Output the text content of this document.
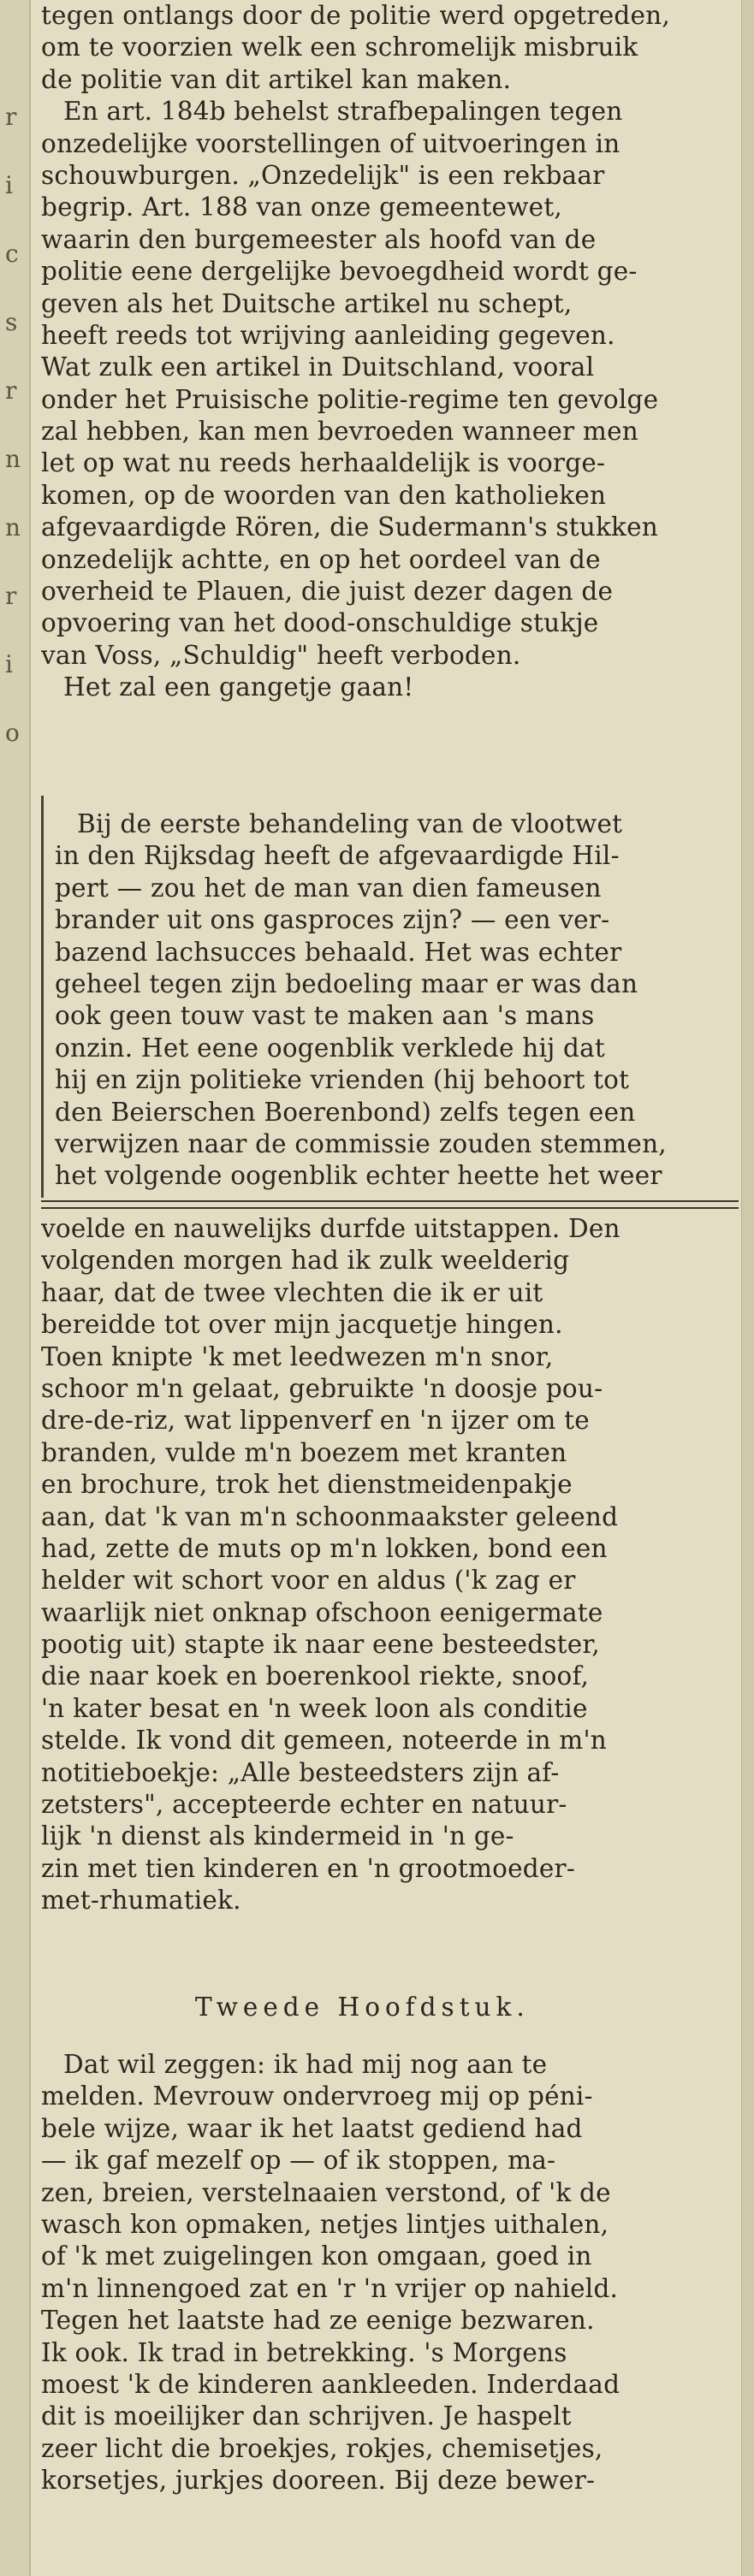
r
i
c
s
r
n
n
r
i
o
tegen ontlangs door de politie werd opgetreden,
om te voorzien welk een schromelijk misbruik
de politie van dit artikel kan maken.
En art. 184b behelst strafbepalingen tegen
onzedelijke voorstellingen of uitvoeringen in
schouwburgen. „Onzedelijk" is een rekbaar
begrip. Art. 188 van onze gemeentewet,
waarin den burgemeester als hoofd van de
politie eene dergelijke bevoegdheid wordt ge-
geven als het Duitsche artikel nu schept,
heeft reeds tot wrijving aanleiding gegeven.
Wat zulk een artikel in Duitschland, vooral
onder het Pruisische politie-regime ten gevolge
zal hebben, kan men bevroeden wanneer men
let op wat nu reeds herhaaldelijk is voorge-
komen, op de woorden van den katholieken
afgevaardigde Rören, die Sudermann's stukken
onzedelijk achtte, en op het oordeel van de
overheid te Plauen, die juist dezer dagen de
opvoering van het dood-onschuldige stukje
van Voss, „Schuldig" heeft verboden.
Het zal een gangetje gaan!
Bij de eerste behandeling van de vlootwet
in den Rijksdag heeft de afgevaardigde Hil-
pert — zou het de man van dien fameusen
brander uit ons gasproces zijn? — een ver-
bazend lachsucces behaald. Het was echter
geheel tegen zijn bedoeling maar er was dan
ook geen touw vast te maken aan 's mans
onzin. Het eene oogenblik verklede hij dat
hij en zijn politieke vrienden (hij behoort tot
den Beierschen Boerenbond) zelfs tegen een
verwijzen naar de commissie zouden stemmen,
het volgende oogenblik echter heette het weer
voelde en nauwelijks durfde uitstappen. Den
volgenden morgen had ik zulk weelderig
haar, dat de twee vlechten die ik er uit
bereidde tot over mijn jacquetje hingen.
Toen knipte 'k met leedwezen m'n snor,
schoor m'n gelaat, gebruikte 'n doosje pou-
dre-de-riz, wat lippenverf en 'n ijzer om te
branden, vulde m'n boezem met kranten
en brochure, trok het dienstmeidenpakje
aan, dat 'k van m'n schoonmaakster geleend
had, zette de muts op m'n lokken, bond een
helder wit schort voor en aldus ('k zag er
waarlijk niet onknap ofschoon eenigermate
pootig uit) stapte ik naar eene besteedster,
die naar koek en boerenkool riekte, snoof,
'n kater besat en 'n week loon als conditie
stelde. Ik vond dit gemeen, noteerde in m'n
notitieboekje: „Alle besteedsters zijn af-
zetsters", accepteerde echter en natuur-
lijk 'n dienst als kindermeid in 'n ge-
zin met tien kinderen en 'n grootmoeder-
met-rhumatiek.
Tweede Hoofdstuk.
Dat wil zeggen: ik had mij nog aan te
melden. Mevrouw ondervroeg mij op péni-
bele wijze, waar ik het laatst gediend had
— ik gaf mezelf op — of ik stoppen, ma-
zen, breien, verstelnaaien verstond, of 'k de
wasch kon opmaken, netjes lintjes uithalen,
of 'k met zuigelingen kon omgaan, goed in
m'n linnengoed zat en 'r 'n vrijer op nahield.
Tegen het laatste had ze eenige bezwaren.
Ik ook. Ik trad in betrekking. 's Morgens
moest 'k de kinderen aankleeden. Inderdaad
dit is moeilijker dan schrijven. Je haspelt
zeer licht die broekjes, rokjes, chemisetjes,
korsetjes, jurkjes dooreen. Bij deze bewer-
